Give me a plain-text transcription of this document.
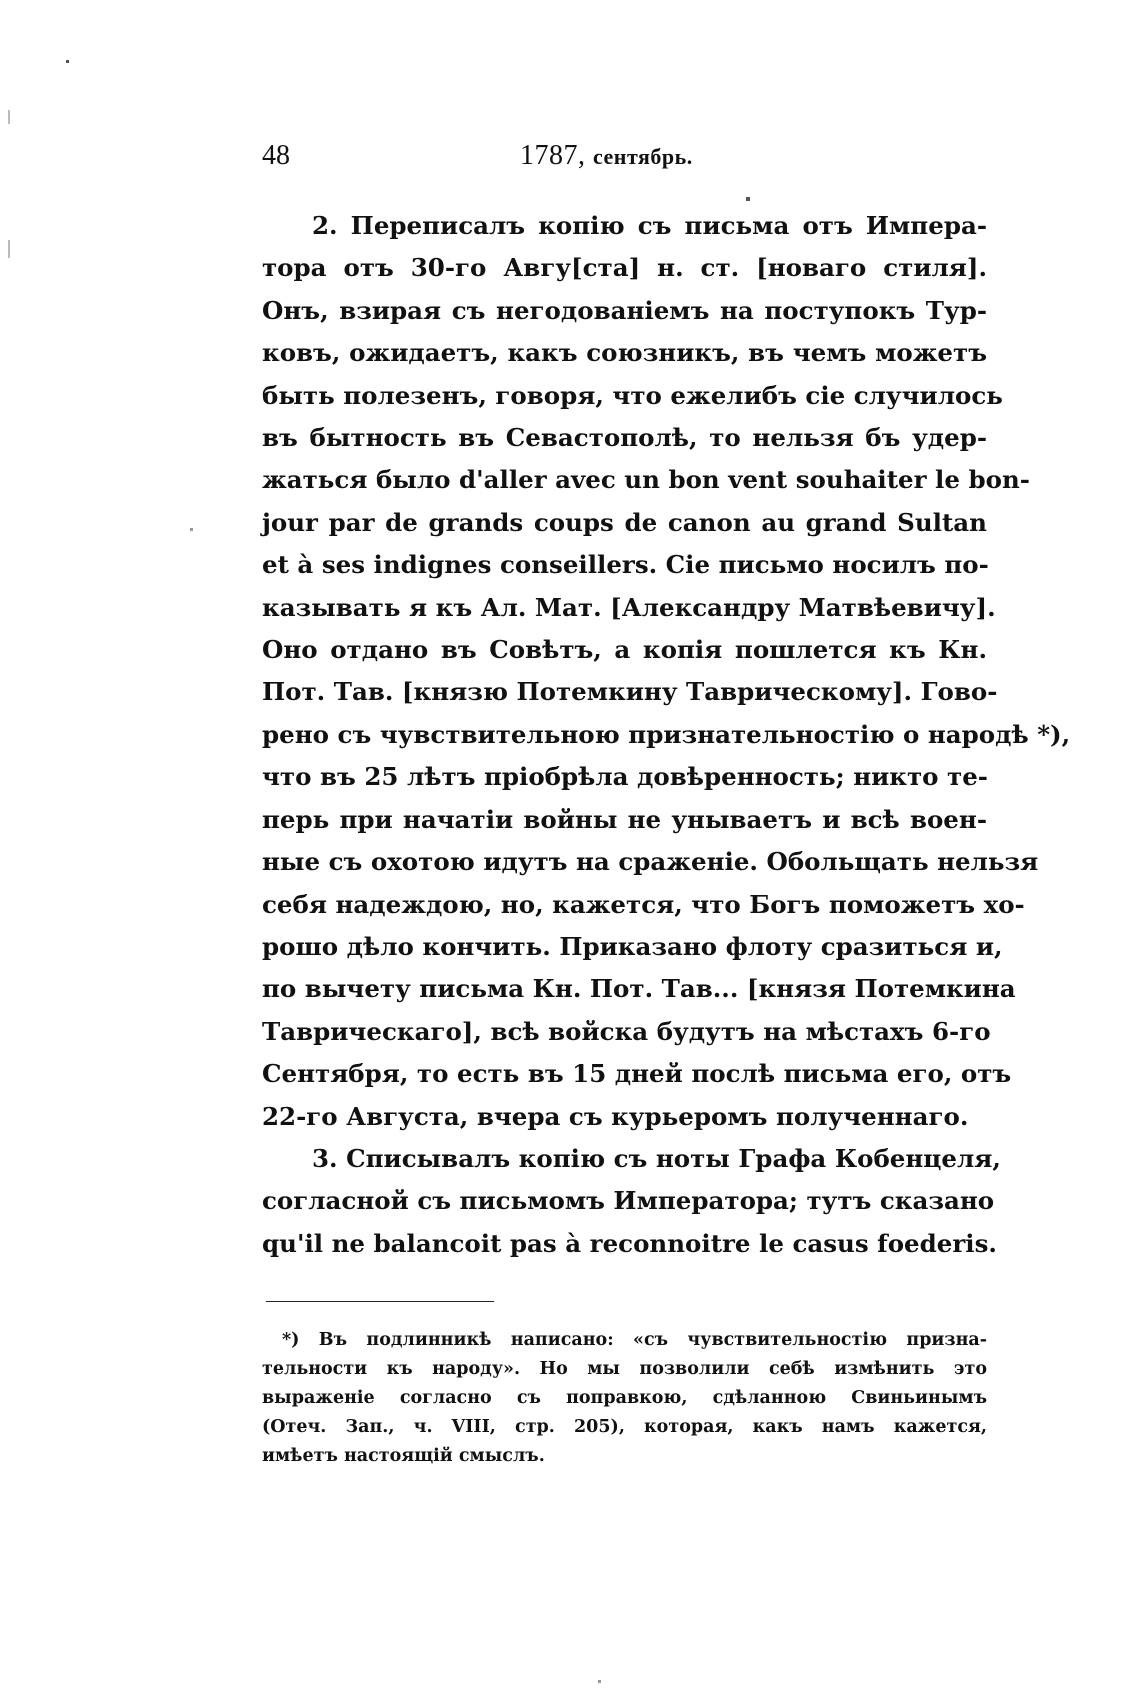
48	1787, сентябрь.
2. Переписалъ копію съ письма отъ Импера-
тора отъ 30-го Авгу[ста] н. ст. [новаго стиля].
Онъ, взирая съ негодованіемъ на поступокъ Тур-
ковъ, ожидаетъ, какъ союзникъ, въ чемъ можетъ
быть полезенъ, говоря, что ежелибъ сіе случилось
въ бытность въ Севастополѣ, то нельзя бъ удер-
жаться было d'aller avec un bon vent souhaiter le bon-
jour par de grands coups de canon au grand Sultan
et à ses indignes conseillers. Сіе письмо носилъ по-
казывать я къ Ал. Мат. [Александру Матвѣевичу].
Оно отдано въ Совѣтъ, а копія пошлется къ Кн.
Пот. Тав. [князю Потемкину Таврическому]. Гово-
рено съ чувствительною признательностію о народѣ *),
что въ 25 лѣтъ пріобрѣла довѣренность; никто те-
перь при начатіи войны не унываетъ и всѣ воен-
ные съ охотою идутъ на сраженіе. Обольщать нельзя
себя надеждою, но, кажется, что Богъ поможетъ хо-
рошо дѣло кончить. Приказано флоту сразиться и,
по вычету письма Кн. Пот. Тав... [князя Потемкина
Таврическаго], всѣ войска будутъ на мѣстахъ 6-го
Сентября, то есть въ 15 дней послѣ письма его, отъ
22-го Августа, вчера съ курьеромъ полученнаго.
3. Списывалъ копію съ ноты Графа Кобенцеля,
согласной съ письмомъ Императора; тутъ сказано
qu'il ne balancoit pas à reconnoitre le casus foederis.
*) Въ подлинникѣ написано: «съ чувствительностію призна-
тельности къ народу». Но мы позволили себѣ измѣнить это
выраженіе согласно съ поправкою, сдѣланною Свиньинымъ
(Отеч. Зап., ч. VIII, стр. 205), которая, какъ намъ кажется,
имѣетъ настоящій смыслъ.
